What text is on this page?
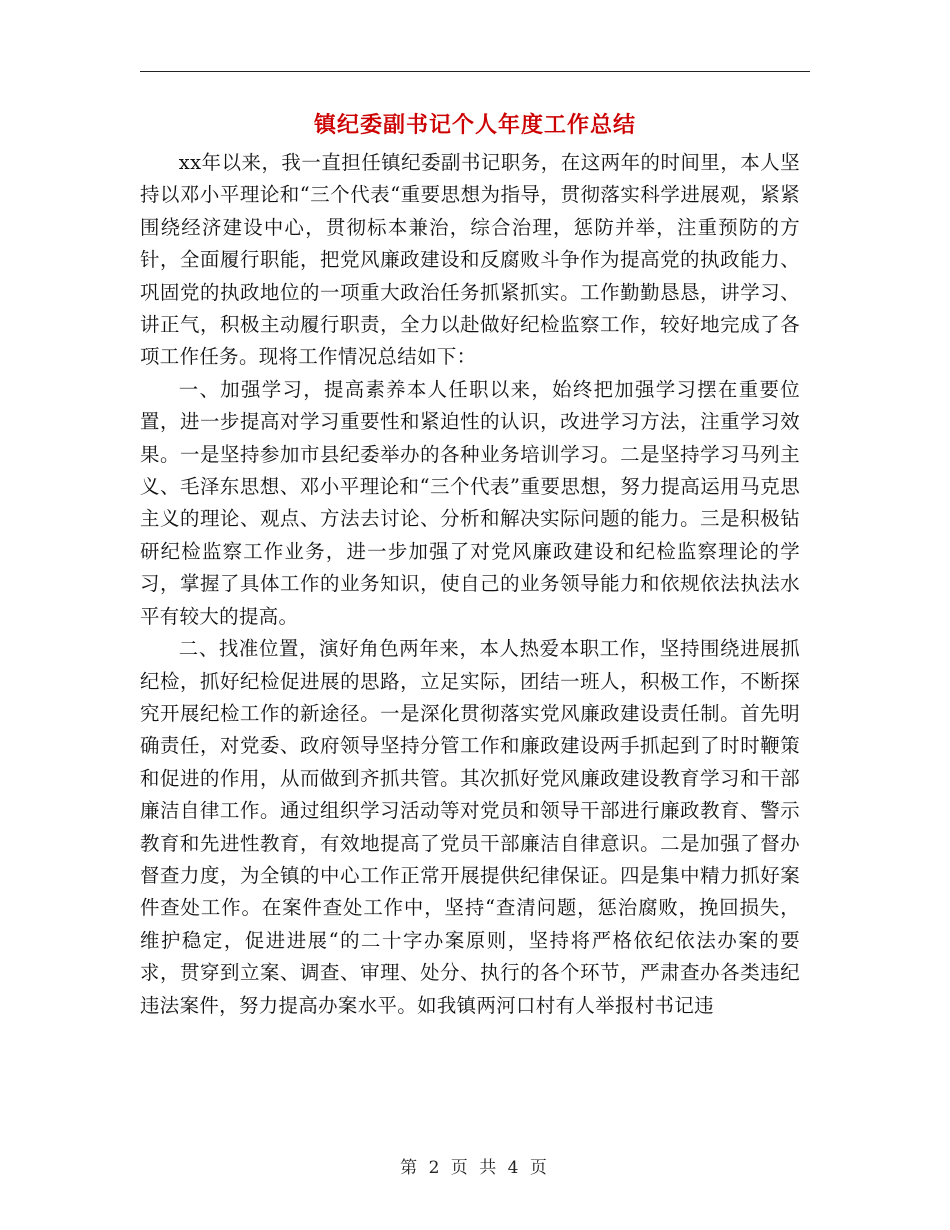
镇纪委副书记个人年度工作总结

xx年以来，我一直担任镇纪委副书记职务，在这两年的时间里，本人坚持以邓小平理论和“三个代表“重要思想为指导，贯彻落实科学进展观，紧紧围绕经济建设中心，贯彻标本兼治，综合治理，惩防并举，注重预防的方针，全面履行职能，把党风廉政建设和反腐败斗争作为提高党的执政能力、巩固党的执政地位的一项重大政治任务抓紧抓实。工作勤勤恳恳，讲学习、讲正气，积极主动履行职责，全力以赴做好纪检监察工作，较好地完成了各项工作任务。现将工作情况总结如下：

一、加强学习，提高素养本人任职以来，始终把加强学习摆在重要位置，进一步提高对学习重要性和紧迫性的认识，改进学习方法，注重学习效果。一是坚持参加市县纪委举办的各种业务培训学习。二是坚持学习马列主义、毛泽东思想、邓小平理论和“三个代表”重要思想，努力提高运用马克思主义的理论、观点、方法去讨论、分析和解决实际问题的能力。三是积极钻研纪检监察工作业务，进一步加强了对党风廉政建设和纪检监察理论的学习，掌握了具体工作的业务知识，使自己的业务领导能力和依规依法执法水平有较大的提高。

二、找准位置，演好角色两年来，本人热爱本职工作，坚持围绕进展抓纪检，抓好纪检促进展的思路，立足实际，团结一班人，积极工作，不断探究开展纪检工作的新途径。一是深化贯彻落实党风廉政建设责任制。首先明确责任，对党委、政府领导坚持分管工作和廉政建设两手抓起到了时时鞭策和促进的作用，从而做到齐抓共管。其次抓好党风廉政建设教育学习和干部廉洁自律工作。通过组织学习活动等对党员和领导干部进行廉政教育、警示教育和先进性教育，有效地提高了党员干部廉洁自律意识。二是加强了督办督查力度，为全镇的中心工作正常开展提供纪律保证。四是集中精力抓好案件查处工作。在案件查处工作中，坚持“查清问题，惩治腐败，挽回损失，维护稳定，促进进展“的二十字办案原则，坚持将严格依纪依法办案的要求，贯穿到立案、调查、审理、处分、执行的各个环节，严肃查办各类违纪违法案件，努力提高办案水平。如我镇两河口村有人举报村书记违

第 2 页 共 4 页
